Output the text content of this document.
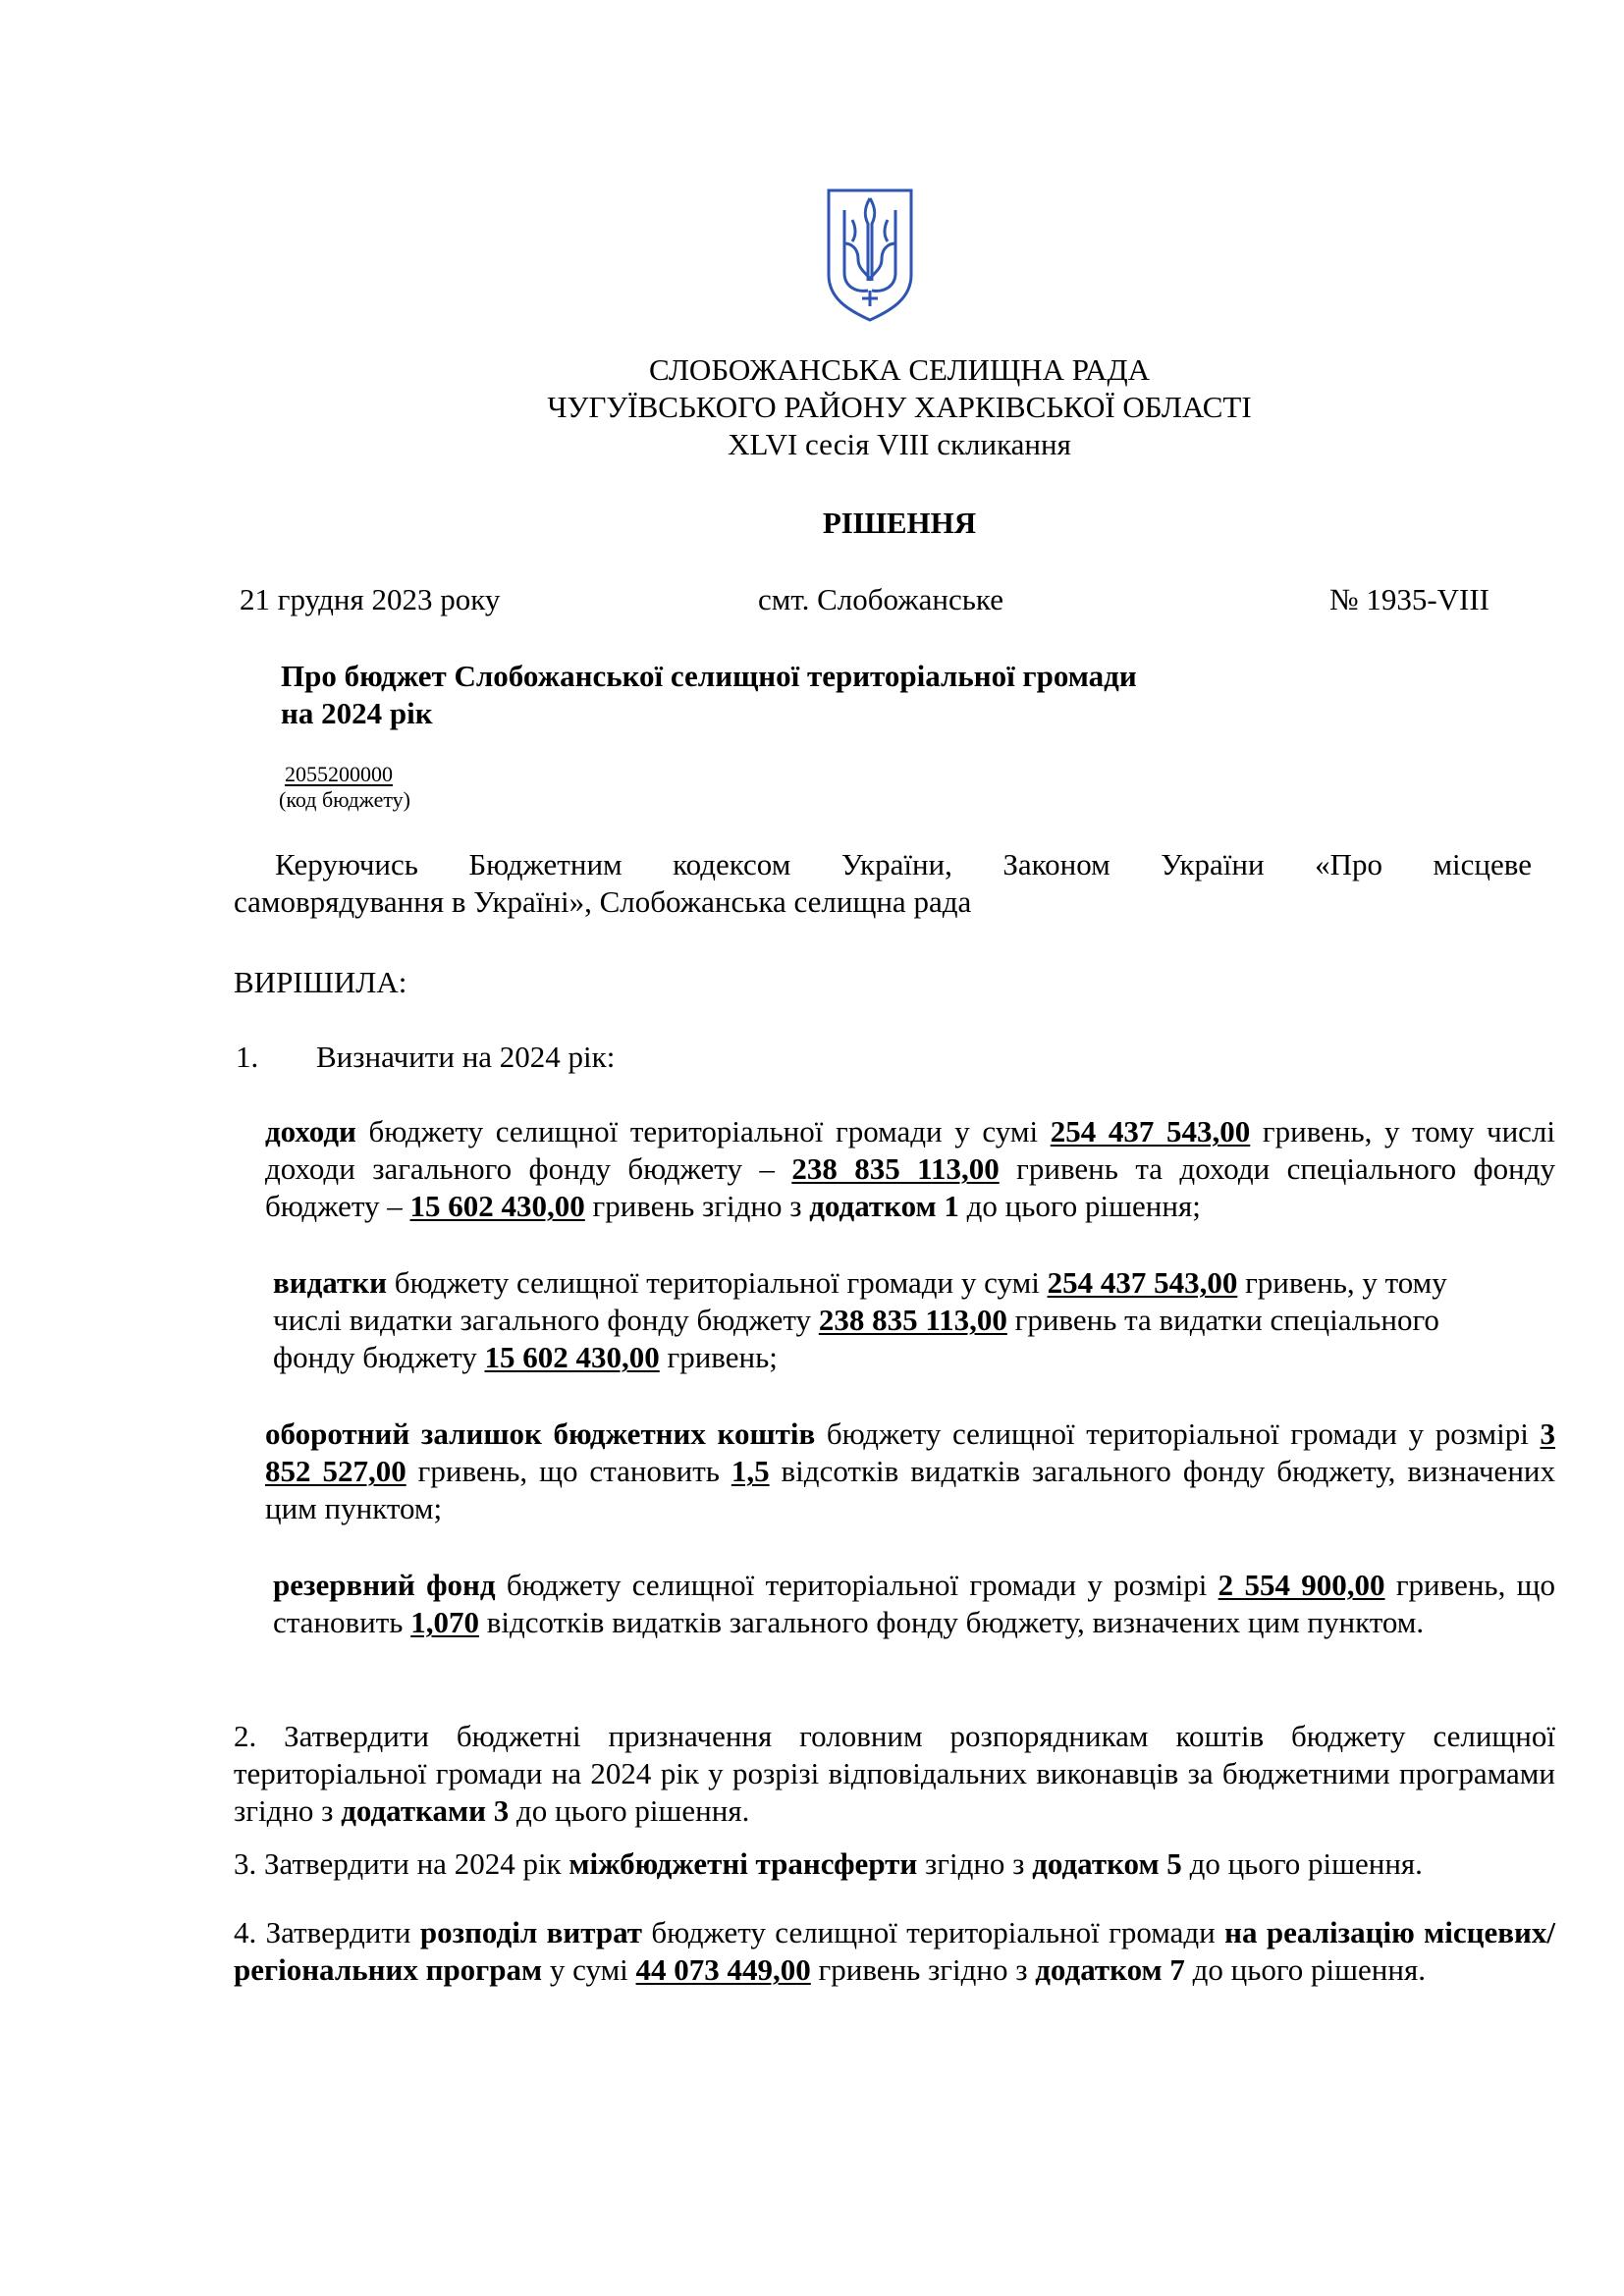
СЛОБОЖАНСЬКА СЕЛИЩНА РАДА
ЧУГУЇВСЬКОГО РАЙОНУ ХАРКІВСЬКОЇ ОБЛАСТІ
XLVI сесія VIII скликання
РІШЕННЯ
21 грудня 2023 року	смт. Слобожанське	№ 1935-VIII
Про бюджет Слобожанської селищної територіальної громади
на 2024 рік
2055200000
(код бюджету)
Керуючись Бюджетним кодексом України, Законом України «Про місцеве
самоврядування в Україні», Слобожанська селищна рада
ВИРІШИЛА:
1. Визначити на 2024 рік:
доходи бюджету селищної територіальної громади у сумі 254 437 543,00 гривень, у тому числі доходи загального фонду бюджету – 238 835 113,00 гривень та доходи спеціального фонду бюджету – 15 602 430,00 гривень згідно з додатком 1 до цього рішення;
видатки бюджету селищної територіальної громади у сумі 254 437 543,00 гривень, у тому числі видатки загального фонду бюджету 238 835 113,00 гривень та видатки спеціального фонду бюджету 15 602 430,00 гривень;
оборотний залишок бюджетних коштів бюджету селищної територіальної громади у розмірі 3 852 527,00 гривень, що становить 1,5 відсотків видатків загального фонду бюджету, визначених цим пунктом;
резервний фонд бюджету селищної територіальної громади у розмірі 2 554 900,00 гривень, що становить 1,070 відсотків видатків загального фонду бюджету, визначених цим пунктом.
2. Затвердити бюджетні призначення головним розпорядникам коштів бюджету селищної територіальної громади на 2024 рік у розрізі відповідальних виконавців за бюджетними програмами згідно з додатками 3 до цього рішення.
3. Затвердити на 2024 рік міжбюджетні трансферти згідно з додатком 5 до цього рішення.
4. Затвердити розподіл витрат бюджету селищної територіальної громади на реалізацію місцевих/регіональних програм у сумі 44 073 449,00 гривень згідно з додатком 7 до цього рішення.
